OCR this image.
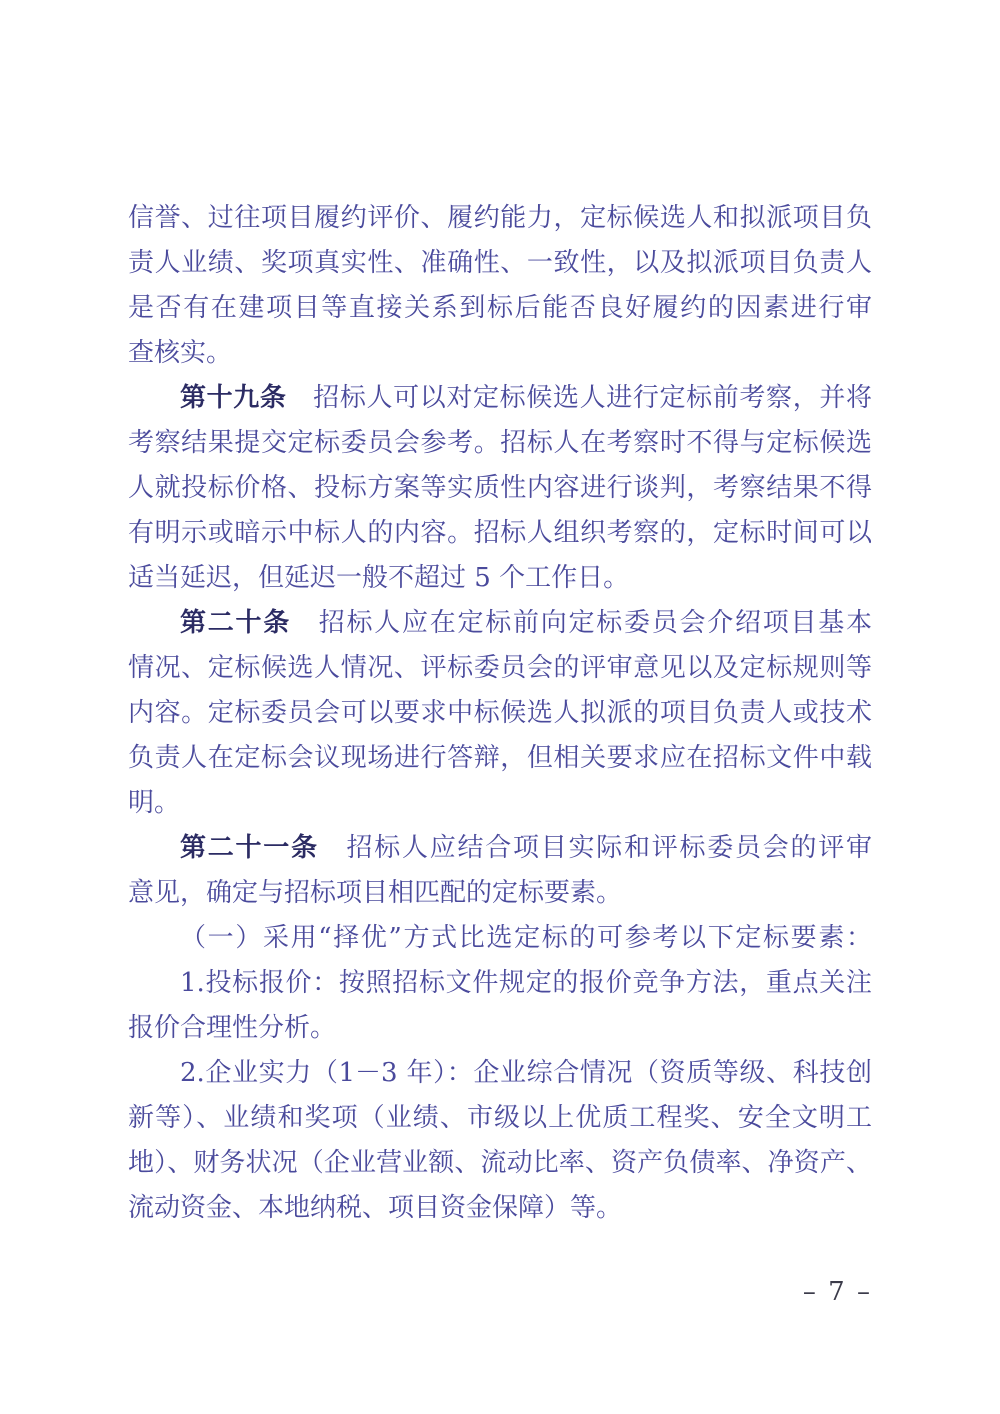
信誉、过往项目履约评价、履约能力，定标候选人和拟派项目负
责人业绩、奖项真实性、准确性、一致性，以及拟派项目负责人
是否有在建项目等直接关系到标后能否良好履约的因素进行审
查核实。
第十九条　招标人可以对定标候选人进行定标前考察，并将
考察结果提交定标委员会参考。招标人在考察时不得与定标候选
人就投标价格、投标方案等实质性内容进行谈判，考察结果不得
有明示或暗示中标人的内容。招标人组织考察的，定标时间可以
适当延迟，但延迟一般不超过 5 个工作日。
第二十条　招标人应在定标前向定标委员会介绍项目基本
情况、定标候选人情况、评标委员会的评审意见以及定标规则等
内容。定标委员会可以要求中标候选人拟派的项目负责人或技术
负责人在定标会议现场进行答辩，但相关要求应在招标文件中载
明。
第二十一条　招标人应结合项目实际和评标委员会的评审
意见，确定与招标项目相匹配的定标要素。
（一）采用“择优”方式比选定标的可参考以下定标要素：
1.投标报价：按照招标文件规定的报价竞争方法，重点关注
报价合理性分析。
2.企业实力（1－3 年）：企业综合情况（资质等级、科技创
新等）、业绩和奖项（业绩、市级以上优质工程奖、安全文明工
地）、财务状况（企业营业额、流动比率、资产负债率、净资产、
流动资金、本地纳税、项目资金保障）等。
– 7 –
